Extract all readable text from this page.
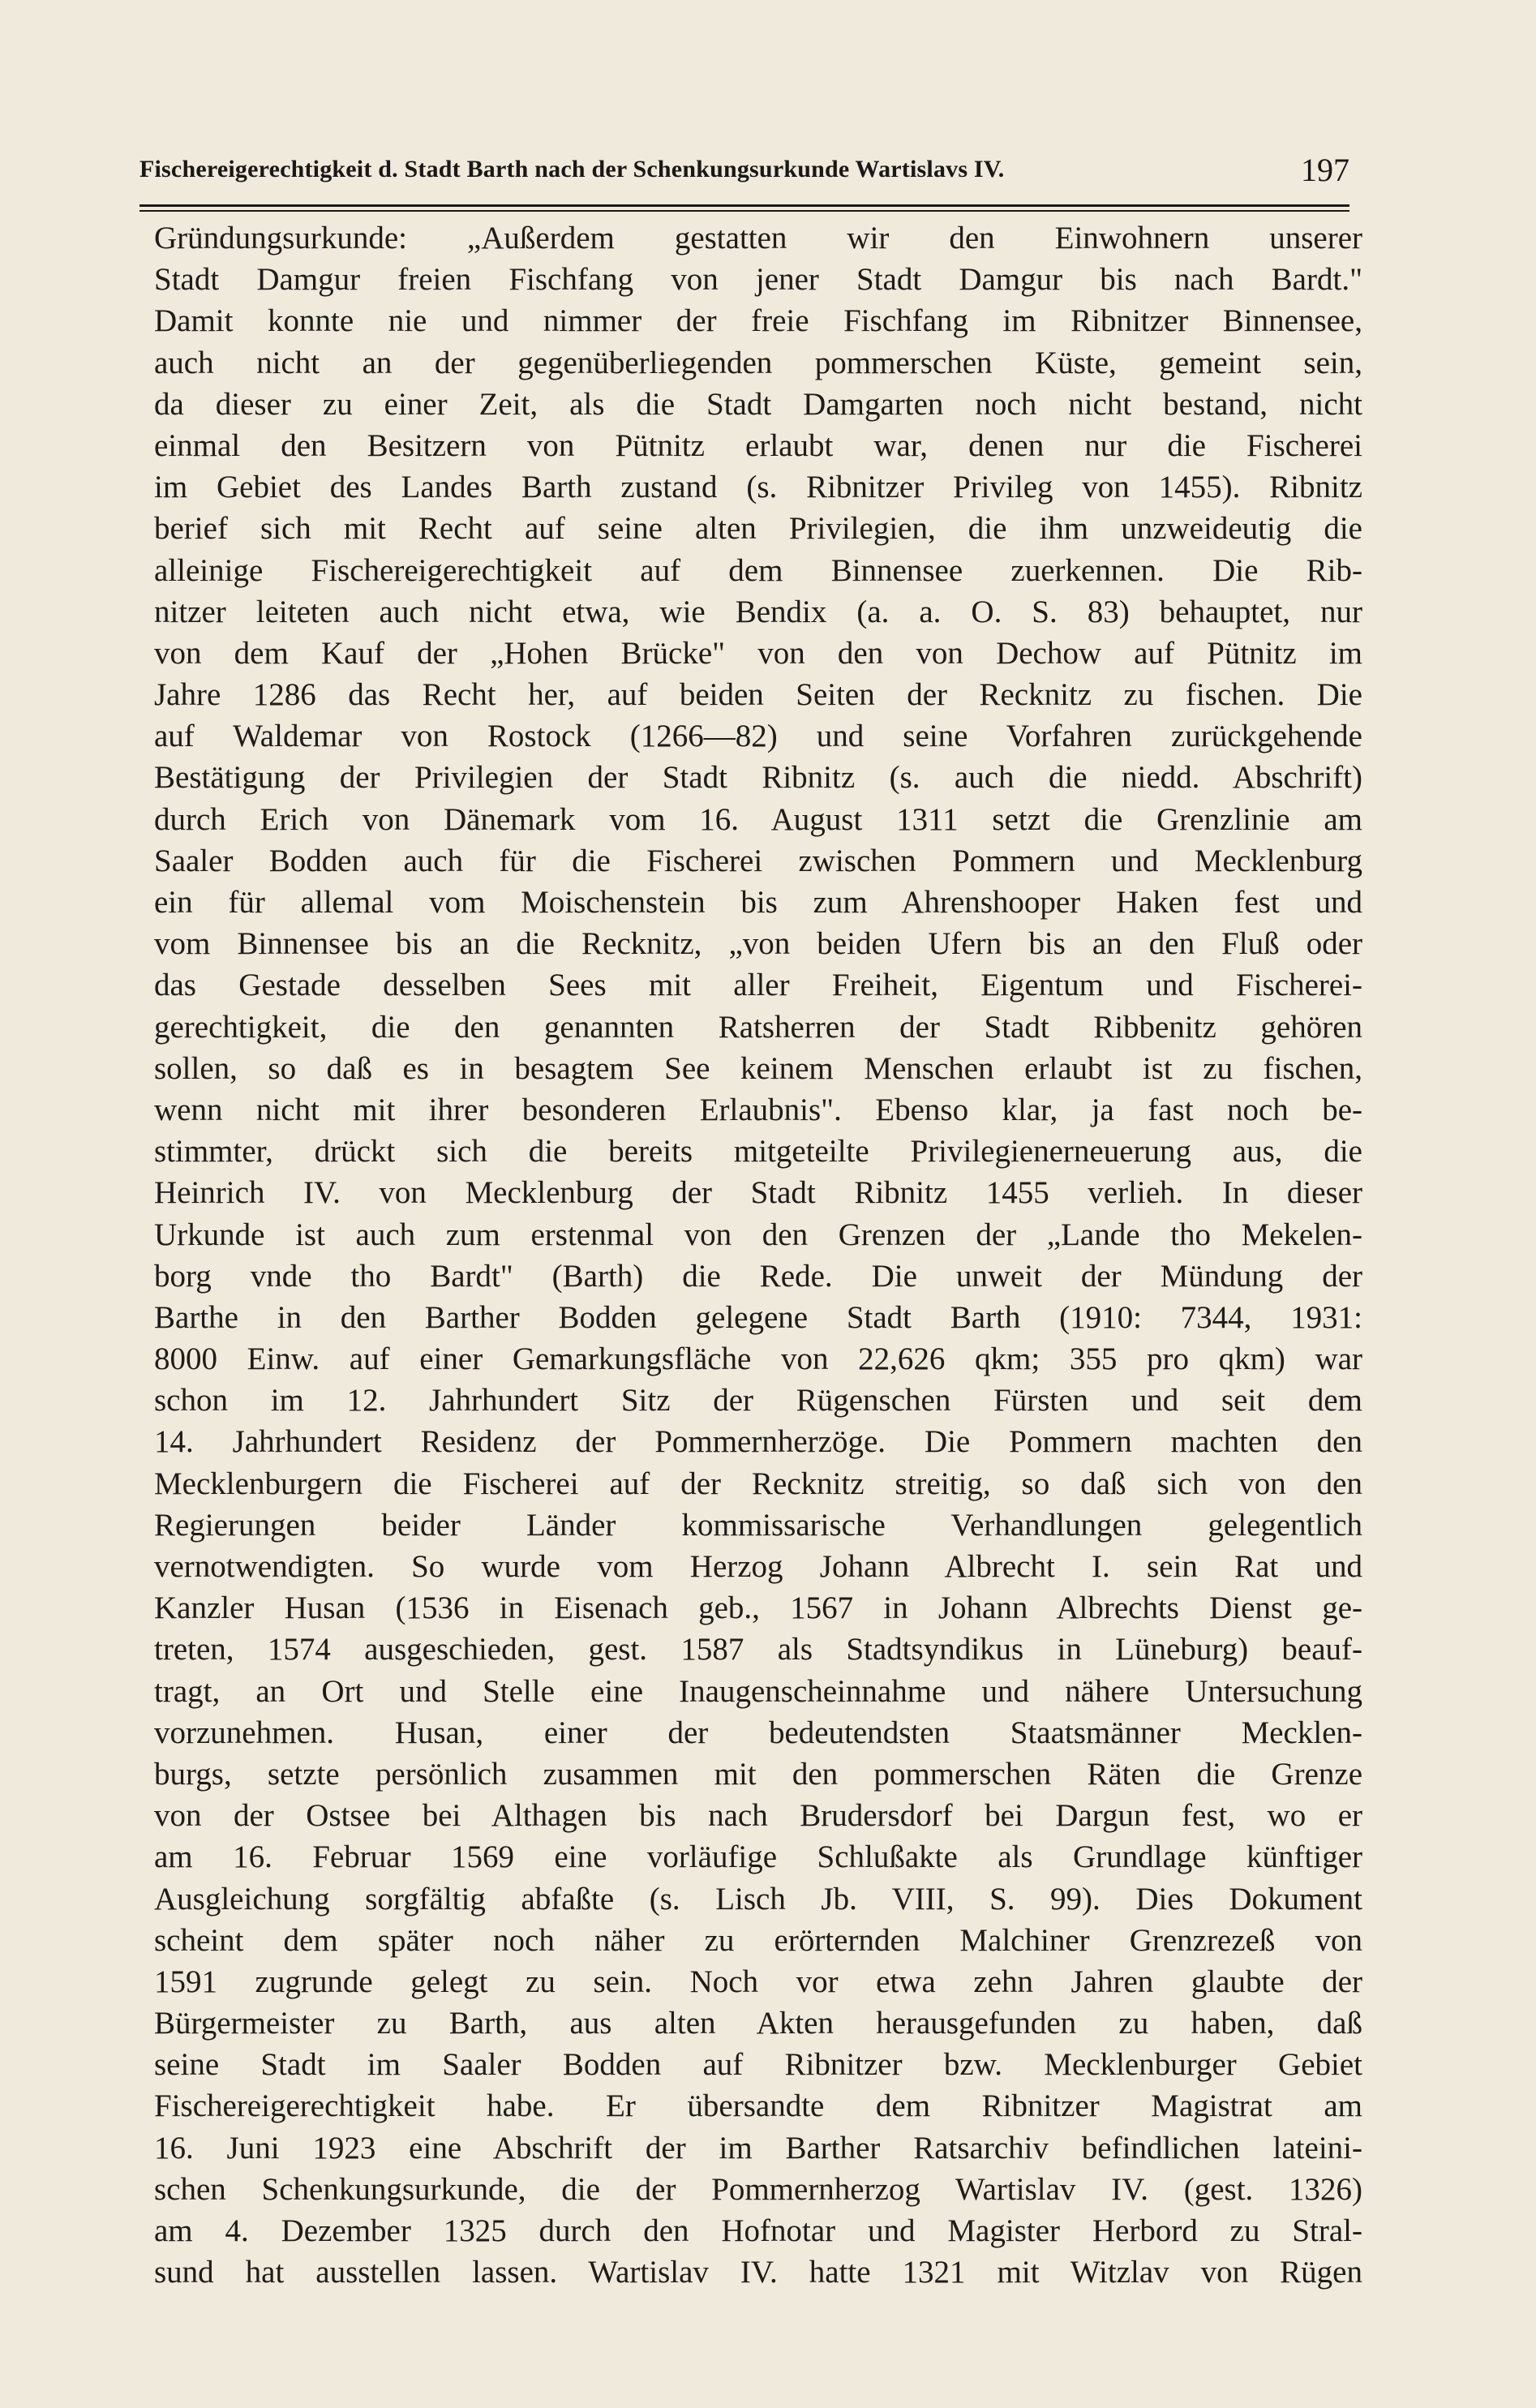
Fischereigerechtigkeit d. Stadt Barth nach der Schenkungsurkunde Wartislavs IV.	197
Gründungsurkunde: „Außerdem gestatten wir den Einwohnern unserer
Stadt Damgur freien Fischfang von jener Stadt Damgur bis nach Bardt."
Damit konnte nie und nimmer der freie Fischfang im Ribnitzer Binnensee,
auch nicht an der gegenüberliegenden pommerschen Küste, gemeint sein,
da dieser zu einer Zeit, als die Stadt Damgarten noch nicht bestand, nicht
einmal den Besitzern von Pütnitz erlaubt war, denen nur die Fischerei
im Gebiet des Landes Barth zustand (s. Ribnitzer Privileg von 1455). Ribnitz
berief sich mit Recht auf seine alten Privilegien, die ihm unzweideutig die
alleinige Fischereigerechtigkeit auf dem Binnensee zuerkennen. Die Rib-
nitzer leiteten auch nicht etwa, wie Bendix (a. a. O. S. 83) behauptet, nur
von dem Kauf der „Hohen Brücke" von den von Dechow auf Pütnitz im
Jahre 1286 das Recht her, auf beiden Seiten der Recknitz zu fischen. Die
auf Waldemar von Rostock (1266—82) und seine Vorfahren zurückgehende
Bestätigung der Privilegien der Stadt Ribnitz (s. auch die niedd. Abschrift)
durch Erich von Dänemark vom 16. August 1311 setzt die Grenzlinie am
Saaler Bodden auch für die Fischerei zwischen Pommern und Mecklenburg
ein für allemal vom Moischenstein bis zum Ahrenshooper Haken fest und
vom Binnensee bis an die Recknitz, „von beiden Ufern bis an den Fluß oder
das Gestade desselben Sees mit aller Freiheit, Eigentum und Fischerei-
gerechtigkeit, die den genannten Ratsherren der Stadt Ribbenitz gehören
sollen, so daß es in besagtem See keinem Menschen erlaubt ist zu fischen,
wenn nicht mit ihrer besonderen Erlaubnis". Ebenso klar, ja fast noch be-
stimmter, drückt sich die bereits mitgeteilte Privilegienerneuerung aus, die
Heinrich IV. von Mecklenburg der Stadt Ribnitz 1455 verlieh. In dieser
Urkunde ist auch zum erstenmal von den Grenzen der „Lande tho Mekelen-
borg vnde tho Bardt" (Barth) die Rede. Die unweit der Mündung der
Barthe in den Barther Bodden gelegene Stadt Barth (1910: 7344, 1931:
8000 Einw. auf einer Gemarkungsfläche von 22,626 qkm; 355 pro qkm) war
schon im 12. Jahrhundert Sitz der Rügenschen Fürsten und seit dem
14. Jahrhundert Residenz der Pommernherzöge. Die Pommern machten den
Mecklenburgern die Fischerei auf der Recknitz streitig, so daß sich von den
Regierungen beider Länder kommissarische Verhandlungen gelegentlich
vernotwendigten. So wurde vom Herzog Johann Albrecht I. sein Rat und
Kanzler Husan (1536 in Eisenach geb., 1567 in Johann Albrechts Dienst ge-
treten, 1574 ausgeschieden, gest. 1587 als Stadtsyndikus in Lüneburg) beauf-
tragt, an Ort und Stelle eine Inaugenscheinnahme und nähere Untersuchung
vorzunehmen. Husan, einer der bedeutendsten Staatsmänner Mecklen-
burgs, setzte persönlich zusammen mit den pommerschen Räten die Grenze
von der Ostsee bei Althagen bis nach Brudersdorf bei Dargun fest, wo er
am 16. Februar 1569 eine vorläufige Schlußakte als Grundlage künftiger
Ausgleichung sorgfältig abfaßte (s. Lisch Jb. VIII, S. 99). Dies Dokument
scheint dem später noch näher zu erörternden Malchiner Grenzrezeß von
1591 zugrunde gelegt zu sein. Noch vor etwa zehn Jahren glaubte der
Bürgermeister zu Barth, aus alten Akten herausgefunden zu haben, daß
seine Stadt im Saaler Bodden auf Ribnitzer bzw. Mecklenburger Gebiet
Fischereigerechtigkeit habe. Er übersandte dem Ribnitzer Magistrat am
16. Juni 1923 eine Abschrift der im Barther Ratsarchiv befindlichen lateini-
schen Schenkungsurkunde, die der Pommernherzog Wartislav IV. (gest. 1326)
am 4. Dezember 1325 durch den Hofnotar und Magister Herbord zu Stral-
sund hat ausstellen lassen. Wartislav IV. hatte 1321 mit Witzlav von Rügen
